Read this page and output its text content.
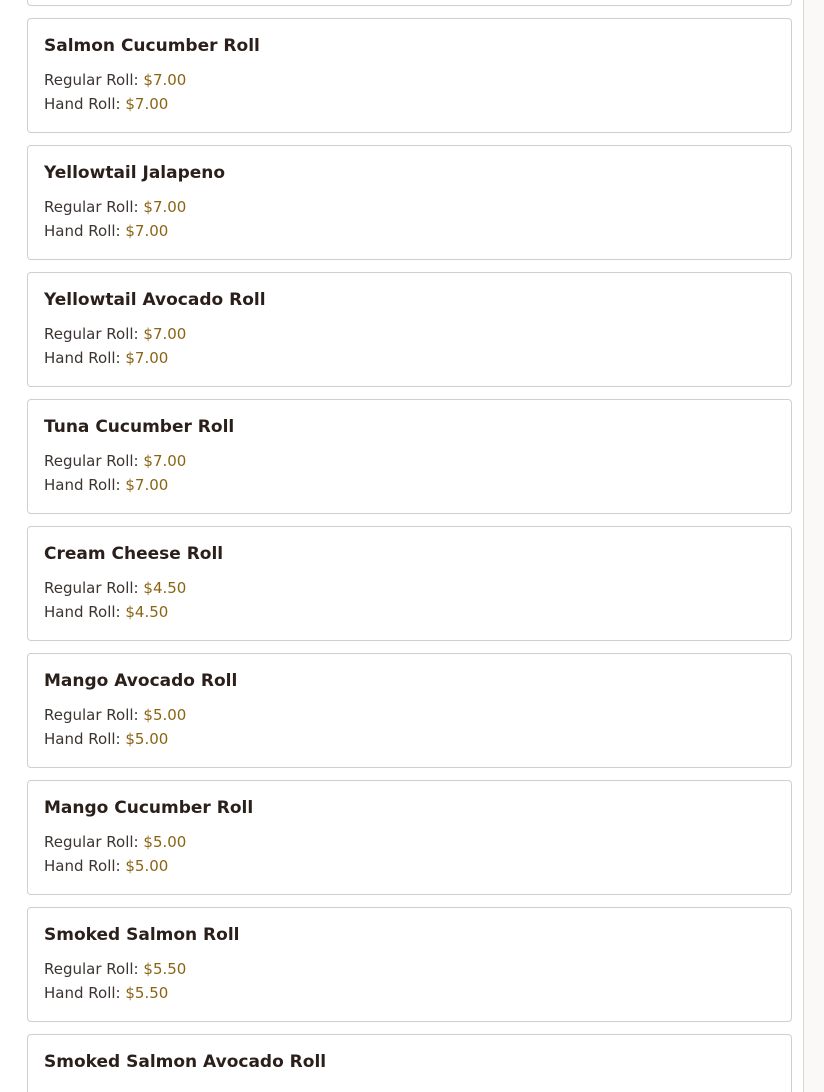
Salmon Cucumber Roll
Regular Roll: $7.00
Hand Roll: $7.00
Yellowtail Jalapeno
Regular Roll: $7.00
Hand Roll: $7.00
Yellowtail Avocado Roll
Regular Roll: $7.00
Hand Roll: $7.00
Tuna Cucumber Roll
Regular Roll: $7.00
Hand Roll: $7.00
Cream Cheese Roll
Regular Roll: $4.50
Hand Roll: $4.50
Mango Avocado Roll
Regular Roll: $5.00
Hand Roll: $5.00
Mango Cucumber Roll
Regular Roll: $5.00
Hand Roll: $5.00
Smoked Salmon Roll
Regular Roll: $5.50
Hand Roll: $5.50
Smoked Salmon Avocado Roll
